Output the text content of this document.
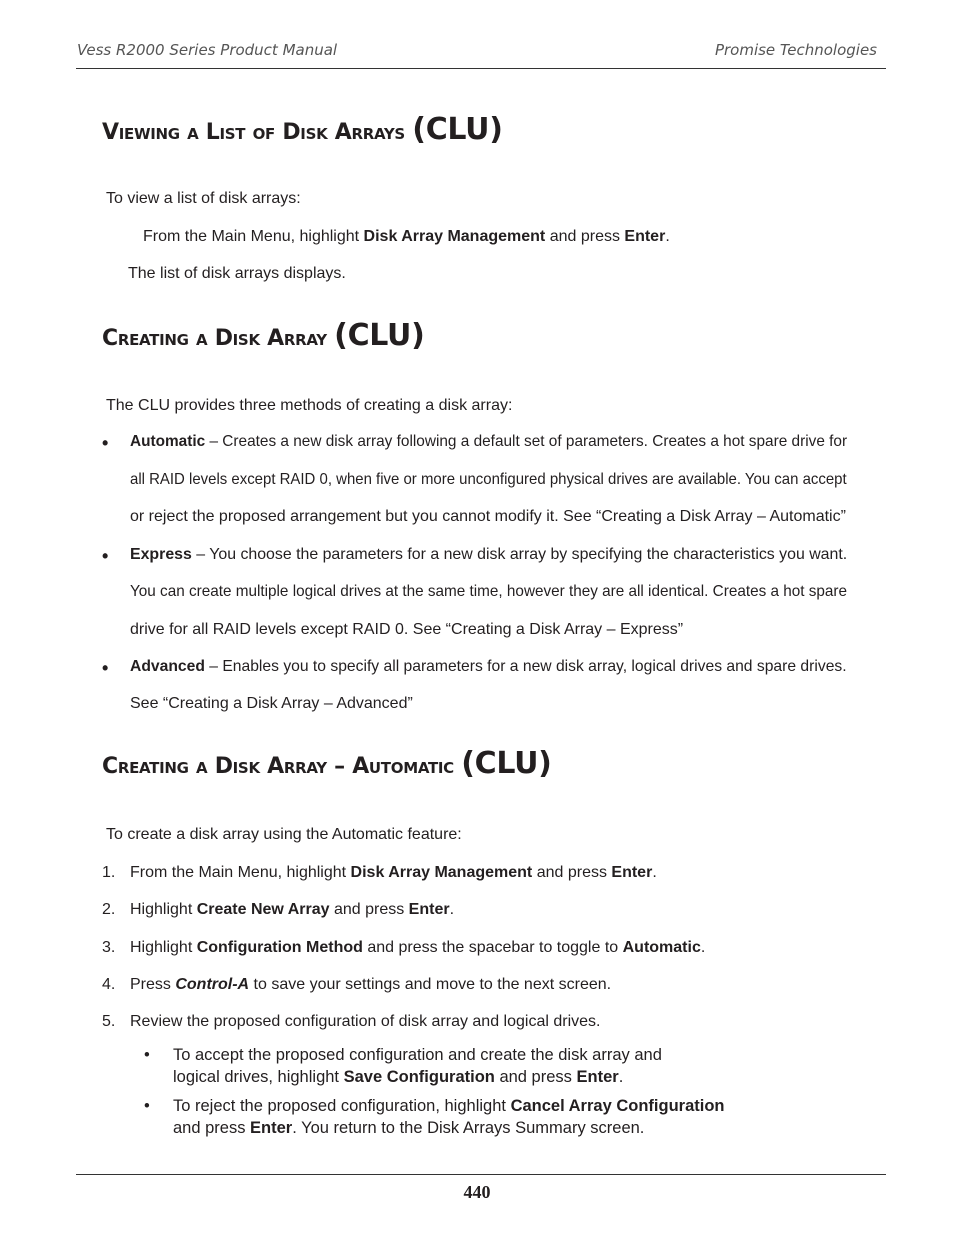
Vess R2000 Series Product Manual	Promise Technologies
Viewing a List of Disk Arrays (CLU)
To view a list of disk arrays:
From the Main Menu, highlight Disk Array Management and press Enter.
The list of disk arrays displays.
Creating a Disk Array (CLU)
The CLU provides three methods of creating a disk array:
• Automatic – Creates a new disk array following a default set of parameters. Creates a hot spare drive for
all RAID levels except RAID 0, when five or more unconfigured physical drives are available. You can accept
or reject the proposed arrangement but you cannot modify it. See “Creating a Disk Array – Automatic”
• Express – You choose the parameters for a new disk array by specifying the characteristics you want.
You can create multiple logical drives at the same time, however they are all identical. Creates a hot spare
drive for all RAID levels except RAID 0. See “Creating a Disk Array – Express”
• Advanced – Enables you to specify all parameters for a new disk array, logical drives and spare drives.
See “Creating a Disk Array – Advanced”
Creating a Disk Array – Automatic (CLU)
To create a disk array using the Automatic feature:
1. From the Main Menu, highlight Disk Array Management and press Enter.
2. Highlight Create New Array and press Enter.
3. Highlight Configuration Method and press the spacebar to toggle to Automatic.
4. Press Control-A to save your settings and move to the next screen.
5. Review the proposed configuration of disk array and logical drives.
• To accept the proposed configuration and create the disk array and
logical drives, highlight Save Configuration and press Enter.
• To reject the proposed configuration, highlight Cancel Array Configuration
and press Enter. You return to the Disk Arrays Summary screen.
440
